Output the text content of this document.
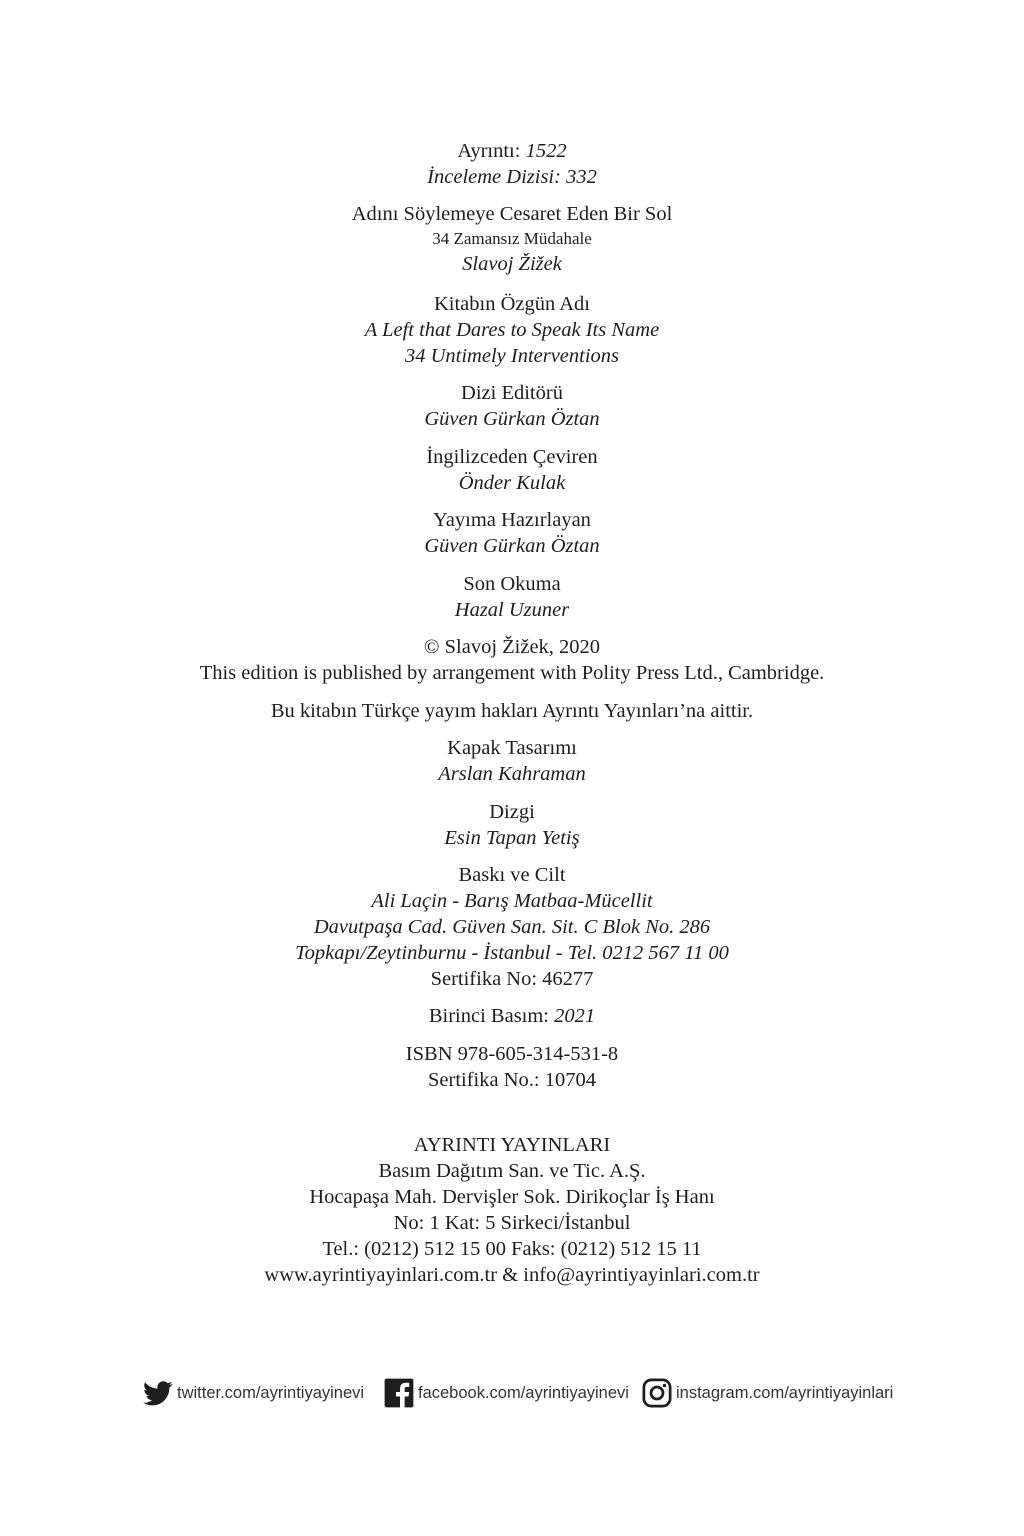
Ayrıntı: 1522
İnceleme Dizisi: 332
Adını Söylemeye Cesaret Eden Bir Sol
34 Zamansız Müdahale
Slavoj Žižek
Kitabın Özgün Adı
A Left that Dares to Speak Its Name
34 Untimely Interventions
Dizi Editörü
Güven Gürkan Öztan
İngilizceden Çeviren
Önder Kulak
Yayıma Hazırlayan
Güven Gürkan Öztan
Son Okuma
Hazal Uzuner
© Slavoj Žižek, 2020
This edition is published by arrangement with Polity Press Ltd., Cambridge.
Bu kitabın Türkçe yayım hakları Ayrıntı Yayınları’na aittir.
Kapak Tasarımı
Arslan Kahraman
Dizgi
Esin Tapan Yetiş
Baskı ve Cilt
Ali Laçin - Barış Matbaa-Mücellit
Davutpaşa Cad. Güven San. Sit. C Blok No. 286
Topkapı/Zeytinburnu - İstanbul - Tel. 0212 567 11 00
Sertifika No: 46277
Birinci Basım: 2021
ISBN 978-605-314-531-8
Sertifika No.: 10704
AYRINTI YAYINLARI
Basım Dağıtım San. ve Tic. A.Ş.
Hocapaşa Mah. Dervişler Sok. Dirikoçlar İş Hanı
No: 1 Kat: 5 Sirkeci/İstanbul
Tel.: (0212) 512 15 00 Faks: (0212) 512 15 11
www.ayrintiyayinlari.com.tr & info@ayrintiyayinlari.com.tr
twitter.com/ayrintiyayinevi	facebook.com/ayrintiyayinevi	instagram.com/ayrintiyayinlari
